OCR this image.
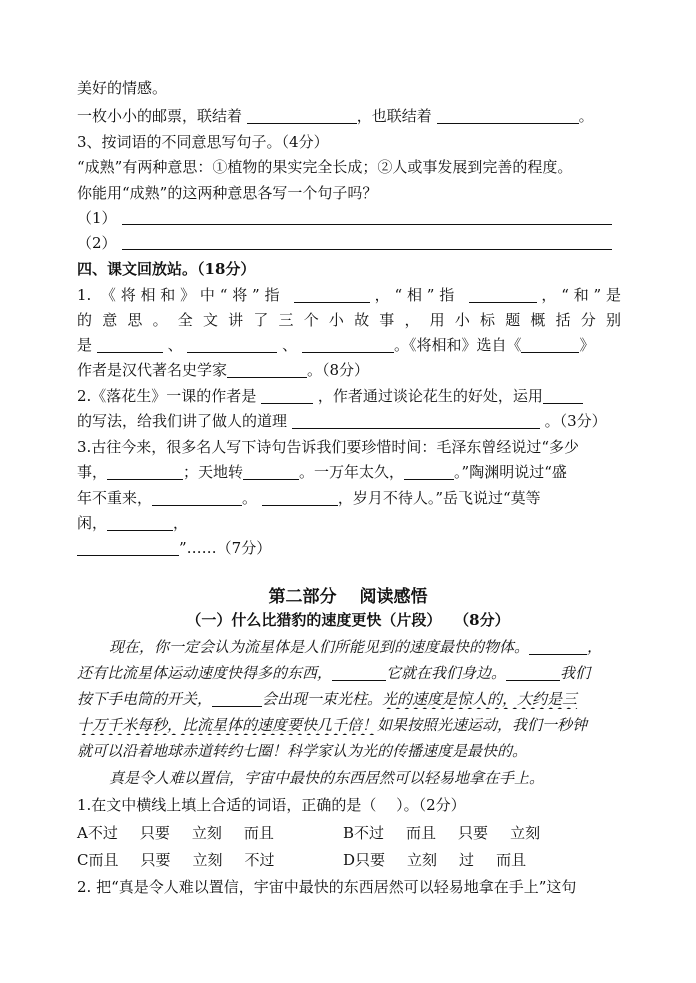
美好的情感。
一枚小小的邮票，联结着	，也联结着	。
3、按词语的不同意思写句子。（4分）
“成熟”有两种意思：①植物的果实完全长成；②人或事发展到完善的程度。
你能用“成熟”的这两种意思各写一个句子吗？
（1）
（2）
四、课文回放站。（18分）
1. 《将相和》中“将”指	，“相”指	，“和”是
的意思。全文讲了三个小故事，用小标题概括分别
是	、	、	。《将相和》选自《	》
作者是汉代著名史学家	。（8分）
2.《落花生》一课的作者是	，作者通过谈论花生的好处，运用
的写法，给我们讲了做人的道理	。（3分）
3.古往今来，很多名人写下诗句告诉我们要珍惜时间：毛泽东曾经说过“多少
事，	；天地转	。一万年太久，	。”陶渊明说过“盛
年不重来，	。	，岁月不待人。”岳飞说过“莫等
闲，	，
”……（7分）
第二部分　 阅读感悟
（一）什么比猎豹的速度更快（片段）　 （8分）
现在，你一定会认为流星体是人们所能见到的速度最快的物体。	，
还有比流星体运动速度快得多的东西，	它就在我们身边。	我们
按下手电筒的开关，	会出现一束光柱。光的速度是惊人的，大约是三
十万千米每秒，比流星体的速度要快几千倍！如果按照光速运动，我们一秒钟
就可以沿着地球赤道转约七圈！科学家认为光的传播速度是最快的。
真是令人难以置信，宇宙中最快的东西居然可以轻易地拿在手上。
1.在文中横线上填上合适的词语，正确的是（　 ）。（2分）
A不过 只要 立刻 而且	B不过 而且 只要 立刻
C而且 只要 立刻 不过	D只要 立刻 过 而且
2. 把“真是令人难以置信，宇宙中最快的东西居然可以轻易地拿在手上”这句
